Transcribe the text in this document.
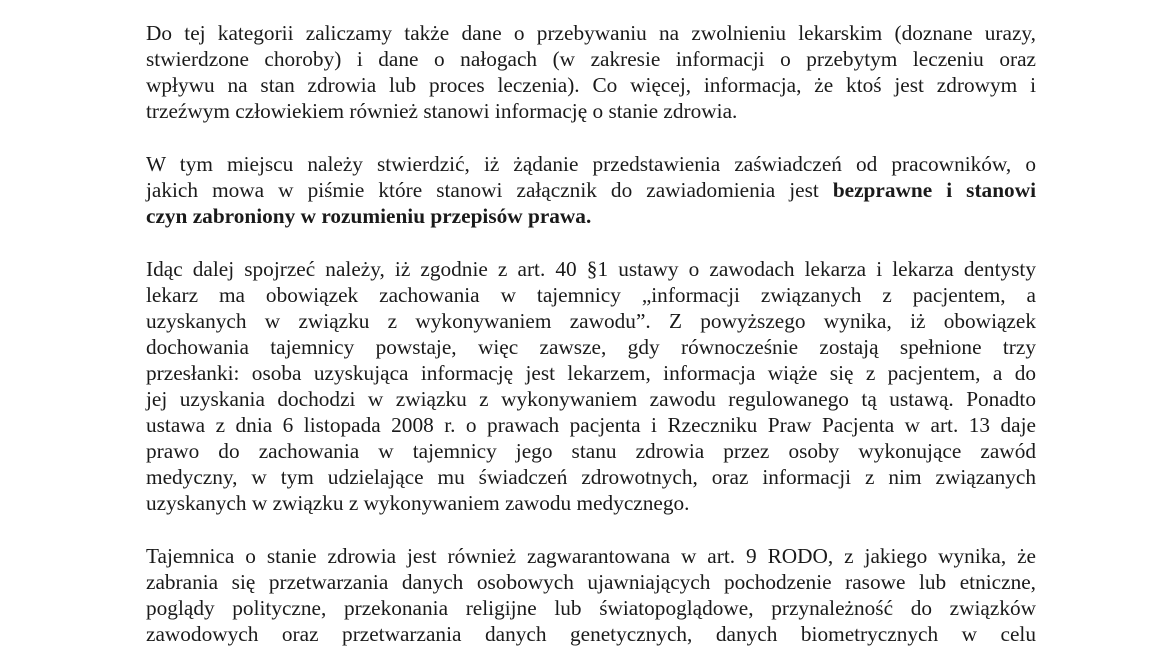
Do tej kategorii zaliczamy także dane o przebywaniu na zwolnieniu lekarskim (doznane urazy,
stwierdzone choroby) i dane o nałogach (w zakresie informacji o przebytym leczeniu oraz
wpływu na stan zdrowia lub proces leczenia). Co więcej, informacja, że ktoś jest zdrowym i
trzeźwym człowiekiem również stanowi informację o stanie zdrowia.
W tym miejscu należy stwierdzić, iż żądanie przedstawienia zaświadczeń od pracowników, o
jakich mowa w piśmie które stanowi załącznik do zawiadomienia jest bezprawne i stanowi
czyn zabroniony w rozumieniu przepisów prawa.
Idąc dalej spojrzeć należy, iż zgodnie z art. 40 §1 ustawy o zawodach lekarza i lekarza dentysty
lekarz ma obowiązek zachowania w tajemnicy „informacji związanych z pacjentem, a
uzyskanych w związku z wykonywaniem zawodu”. Z powyższego wynika, iż obowiązek
dochowania tajemnicy powstaje, więc zawsze, gdy równocześnie zostają spełnione trzy
przesłanki: osoba uzyskująca informację jest lekarzem, informacja wiąże się z pacjentem, a do
jej uzyskania dochodzi w związku z wykonywaniem zawodu regulowanego tą ustawą. Ponadto
ustawa z dnia 6 listopada 2008 r. o prawach pacjenta i Rzeczniku Praw Pacjenta w art. 13 daje
prawo do zachowania w tajemnicy jego stanu zdrowia przez osoby wykonujące zawód
medyczny, w tym udzielające mu świadczeń zdrowotnych, oraz informacji z nim związanych
uzyskanych w związku z wykonywaniem zawodu medycznego.
Tajemnica o stanie zdrowia jest również zagwarantowana w art. 9 RODO, z jakiego wynika, że
zabrania się przetwarzania danych osobowych ujawniających pochodzenie rasowe lub etniczne,
poglądy polityczne, przekonania religijne lub światopoglądowe, przynależność do związków
zawodowych oraz przetwarzania danych genetycznych, danych biometrycznych w celu
